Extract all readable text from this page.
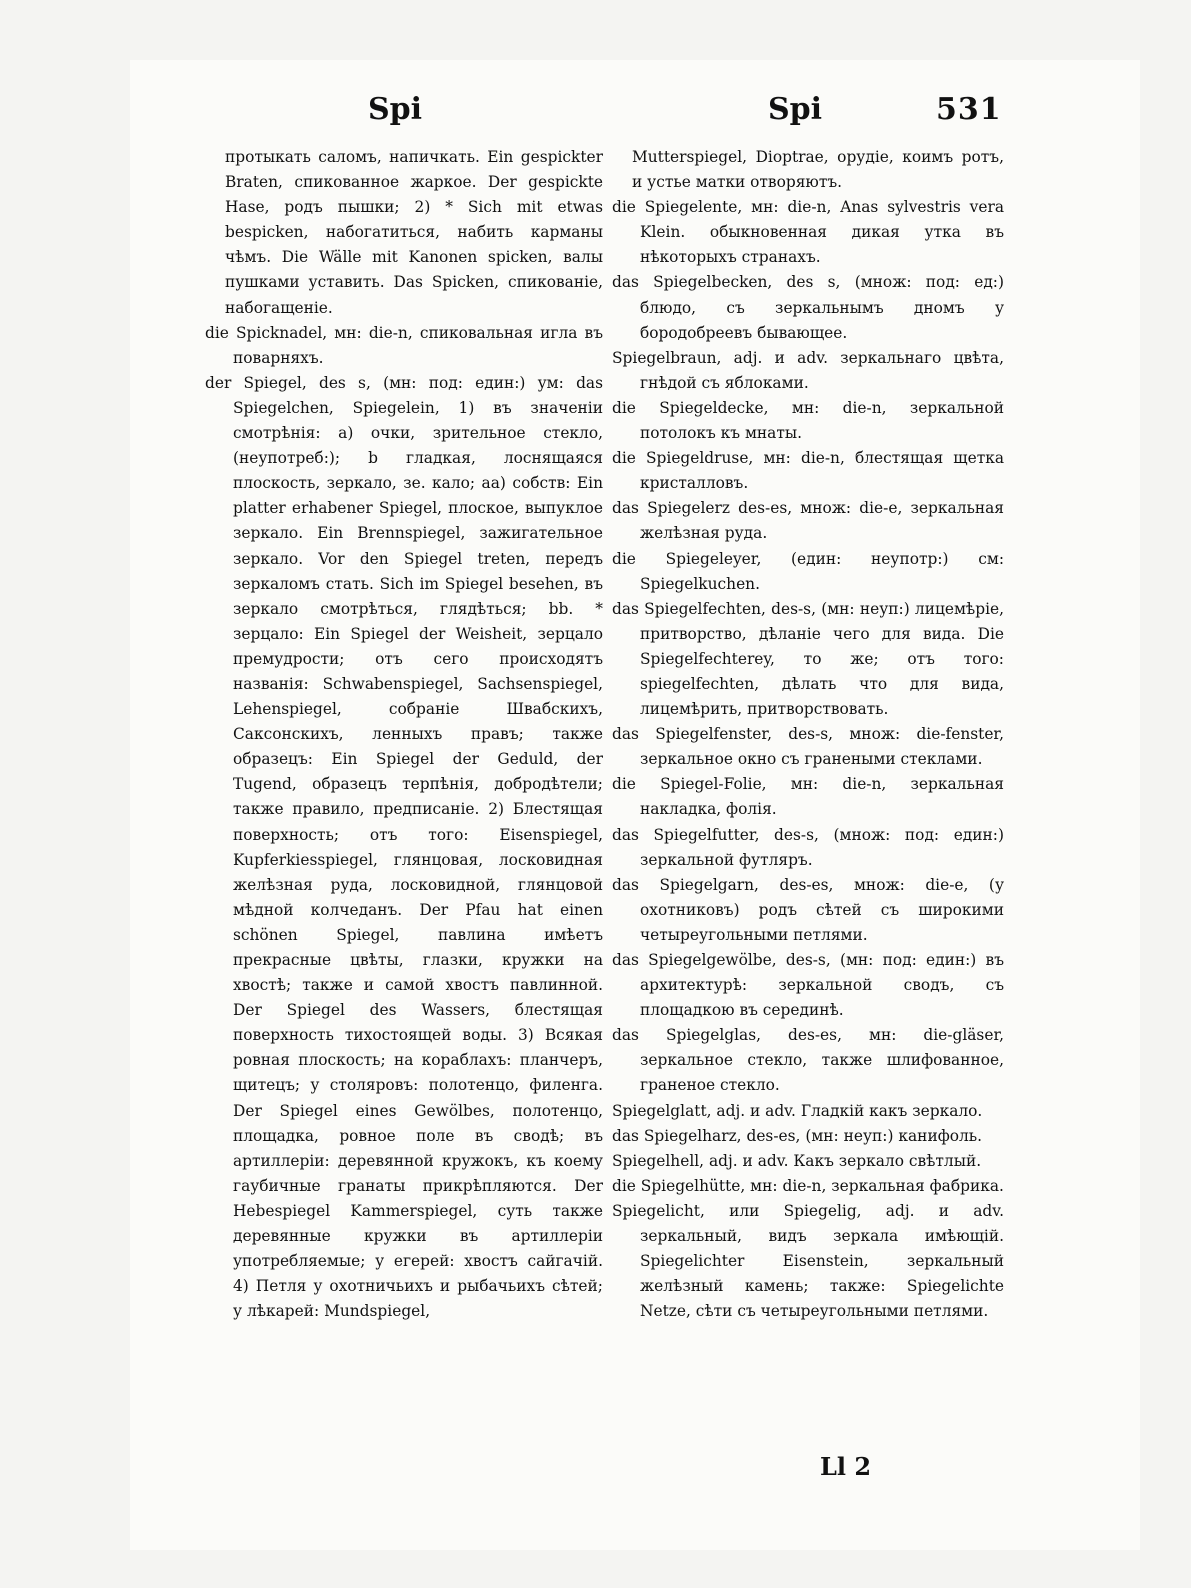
Spi	Spi	531

протыкать саломъ, напичкать. Ein gespickter Braten, спикованное жаркое. Der gespickte Hase, родъ пышки; 2) * Sich mit etwas bespicken, набогатиться, набить карманы чѣмъ. Die Wälle mit Kanonen spicken, валы пушками уставить. Das Spicken, спикованіе, набогащеніе.

die Spicknadel, мн: die-n, спиковальная игла въ поварняхъ.

der Spiegel, des s, (мн: под: един:) ум: das Spiegelchen, Spiegelein, 1) въ значеніи смотрѣнія: a) очки, зрительное стекло, (неупотреб:); b гладкая, лоснящаяся плоскость, зеркало, зе. кало; aa) собств: Ein platter erhabener Spiegel, плоское, выпуклое зеркало. Ein Brennspiegel, зажигательное зеркало. Vor den Spiegel treten, передъ зеркаломъ стать. Sich im Spiegel besehen, въ зеркало смотрѣться, глядѣться; bb. * зерцало: Ein Spiegel der Weisheit, зерцало премудрости; отъ сего происходятъ названія: Schwabenspiegel, Sachsenspiegel, Lehenspiegel, собраніе Швабскихъ, Саксонскихъ, ленныхъ правъ; также образецъ: Ein Spiegel der Geduld, der Tugend, образецъ терпѣнія, добродѣтели; также правило, предписаніе. 2) Блестящая поверхность; отъ того: Eisenspiegel, Kupferkiesspiegel, глянцовая, лосковидная желѣзная руда, лосковидной, глянцовой мѣдной колчеданъ. Der Pfau hat einen schönen Spiegel, павлина имѣетъ прекрасные цвѣты, глазки, кружки на хвостѣ; также и самой хвостъ павлинной. Der Spiegel des Wassers, блестящая поверхность тихостоящей воды. 3) Всякая ровная плоскость; на кораблахъ: планчеръ, щитецъ; у столяровъ: полотенцо, филенга. Der Spiegel eines Gewölbes, полотенцо, площадка, ровное поле въ сводѣ; въ артиллеріи: деревянной кружокъ, къ коему гаубичные гранаты прикрѣпляются. Der Hebespiegel Kammerspiegel, суть также деревянные кружки въ артиллеріи употребляемые; у егерей: хвостъ сайгачій. 4) Петля у охотничьихъ и рыбачьихъ сѣтей; у лѣкарей: Mundspiegel,

Mutterspiegel, Dioptrae, орудіе, коимъ ротъ, и устье матки отворяютъ.

die Spiegelente, мн: die-n, Anas sylvestris vera Klein. обыкновенная дикая утка въ нѣкоторыхъ странахъ.

das Spiegelbecken, des s, (множ: под: ед:) блюдо, съ зеркальнымъ дномъ у бородобреевъ бывающее.

Spiegelbraun, adj. и adv. зеркальнаго цвѣта, гнѣдой съ яблоками.

die Spiegeldecke, мн: die-n, зеркальной потолокъ къ мнаты.

die Spiegeldruse, мн: die-n, блестящая щетка кристалловъ.

das Spiegelerz des-es, множ: die-e, зеркальная желѣзная руда.

die Spiegeleyer, (един: неупотр:) см: Spiegelkuchen.

das Spiegelfechten, des-s, (мн: неуп:) лицемѣріе, притворство, дѣланіе чего для вида. Die Spiegelfechterey, то же; отъ того: spiegelfechten, дѣлать что для вида, лицемѣрить, притворствовать.

das Spiegelfenster, des-s, множ: die-fenster, зеркальное окно съ гранеными стеклами.

die Spiegel-Folie, мн: die-n, зеркальная накладка, фолія.

das Spiegelfutter, des-s, (множ: под: един:) зеркальной футляръ.

das Spiegelgarn, des-es, множ: die-e, (у охотниковъ) родъ сѣтей съ широкими четыреугольными петлями.

das Spiegelgewölbe, des-s, (мн: под: един:) въ архитектурѣ: зеркальной сводъ, съ площадкою въ серединѣ.

das Spiegelglas, des-es, мн: die-gläser, зеркальное стекло, также шлифованное, граненое стекло.

Spiegelglatt, adj. и adv. Гладкій какъ зеркало.

das Spiegelharz, des-es, (мн: неуп:) канифоль.

Spiegelhell, adj. и adv. Какъ зеркало свѣтлый.

die Spiegelhütte, мн: die-n, зеркальная фабрика.

Spiegelicht, или Spiegelig, adj. и adv. зеркальный, видъ зеркала имѣющій. Spiegelichter Eisenstein, зеркальный желѣзный камень; также: Spiegelichte Netze, сѣти съ четыреугольными петлями.

Ll 2
